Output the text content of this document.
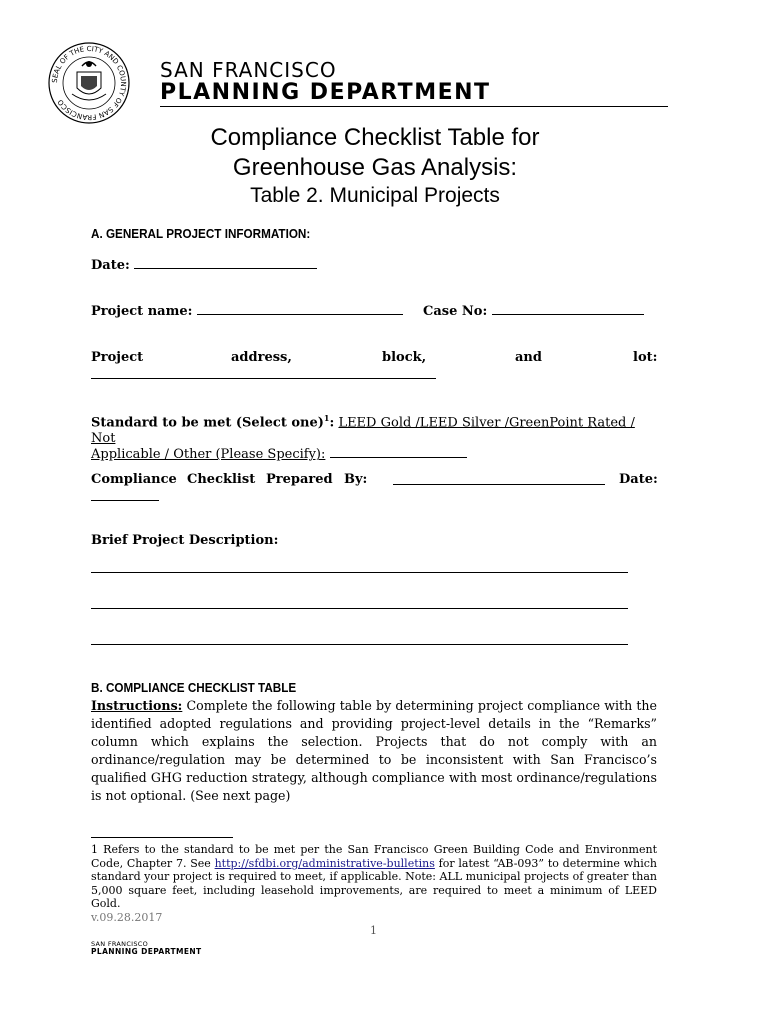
SEAL OF THE CITY AND COUNTY OF SAN FRANCISCO
SAN FRANCISCO
PLANNING DEPARTMENT
Compliance Checklist Table for
Greenhouse Gas Analysis:
Table 2. Municipal Projects
A. GENERAL PROJECT INFORMATION:
Date:
Project name:	Case No:
Project	address,	block,	and	lot:
Standard to be met (Select one)$^1$: LEED Gold /LEED Silver /GreenPoint Rated / Not
Applicable / Other (Please Specify):
Compliance Checklist Prepared By:	Date:
Brief Project Description:
B. COMPLIANCE CHECKLIST TABLE
Instructions: Complete the following table by determining project compliance with the identified adopted regulations and providing project-level details in the “Remarks” column which explains the selection. Projects that do not comply with an ordinance/regulation may be determined to be inconsistent with San Francisco’s qualified GHG reduction strategy, although compliance with most ordinance/regulations is not optional. (See next page)
1 Refers to the standard to be met per the San Francisco Green Building Code and Environment Code, Chapter 7. See http://sfdbi.org/administrative-bulletins for latest “AB-093” to determine which standard your project is required to meet, if applicable. Note: ALL municipal projects of greater than 5,000 square feet, including leasehold improvements, are required to meet a minimum of LEED Gold.
v.09.28.2017
1
SAN FRANCISCO
PLANNING DEPARTMENT
